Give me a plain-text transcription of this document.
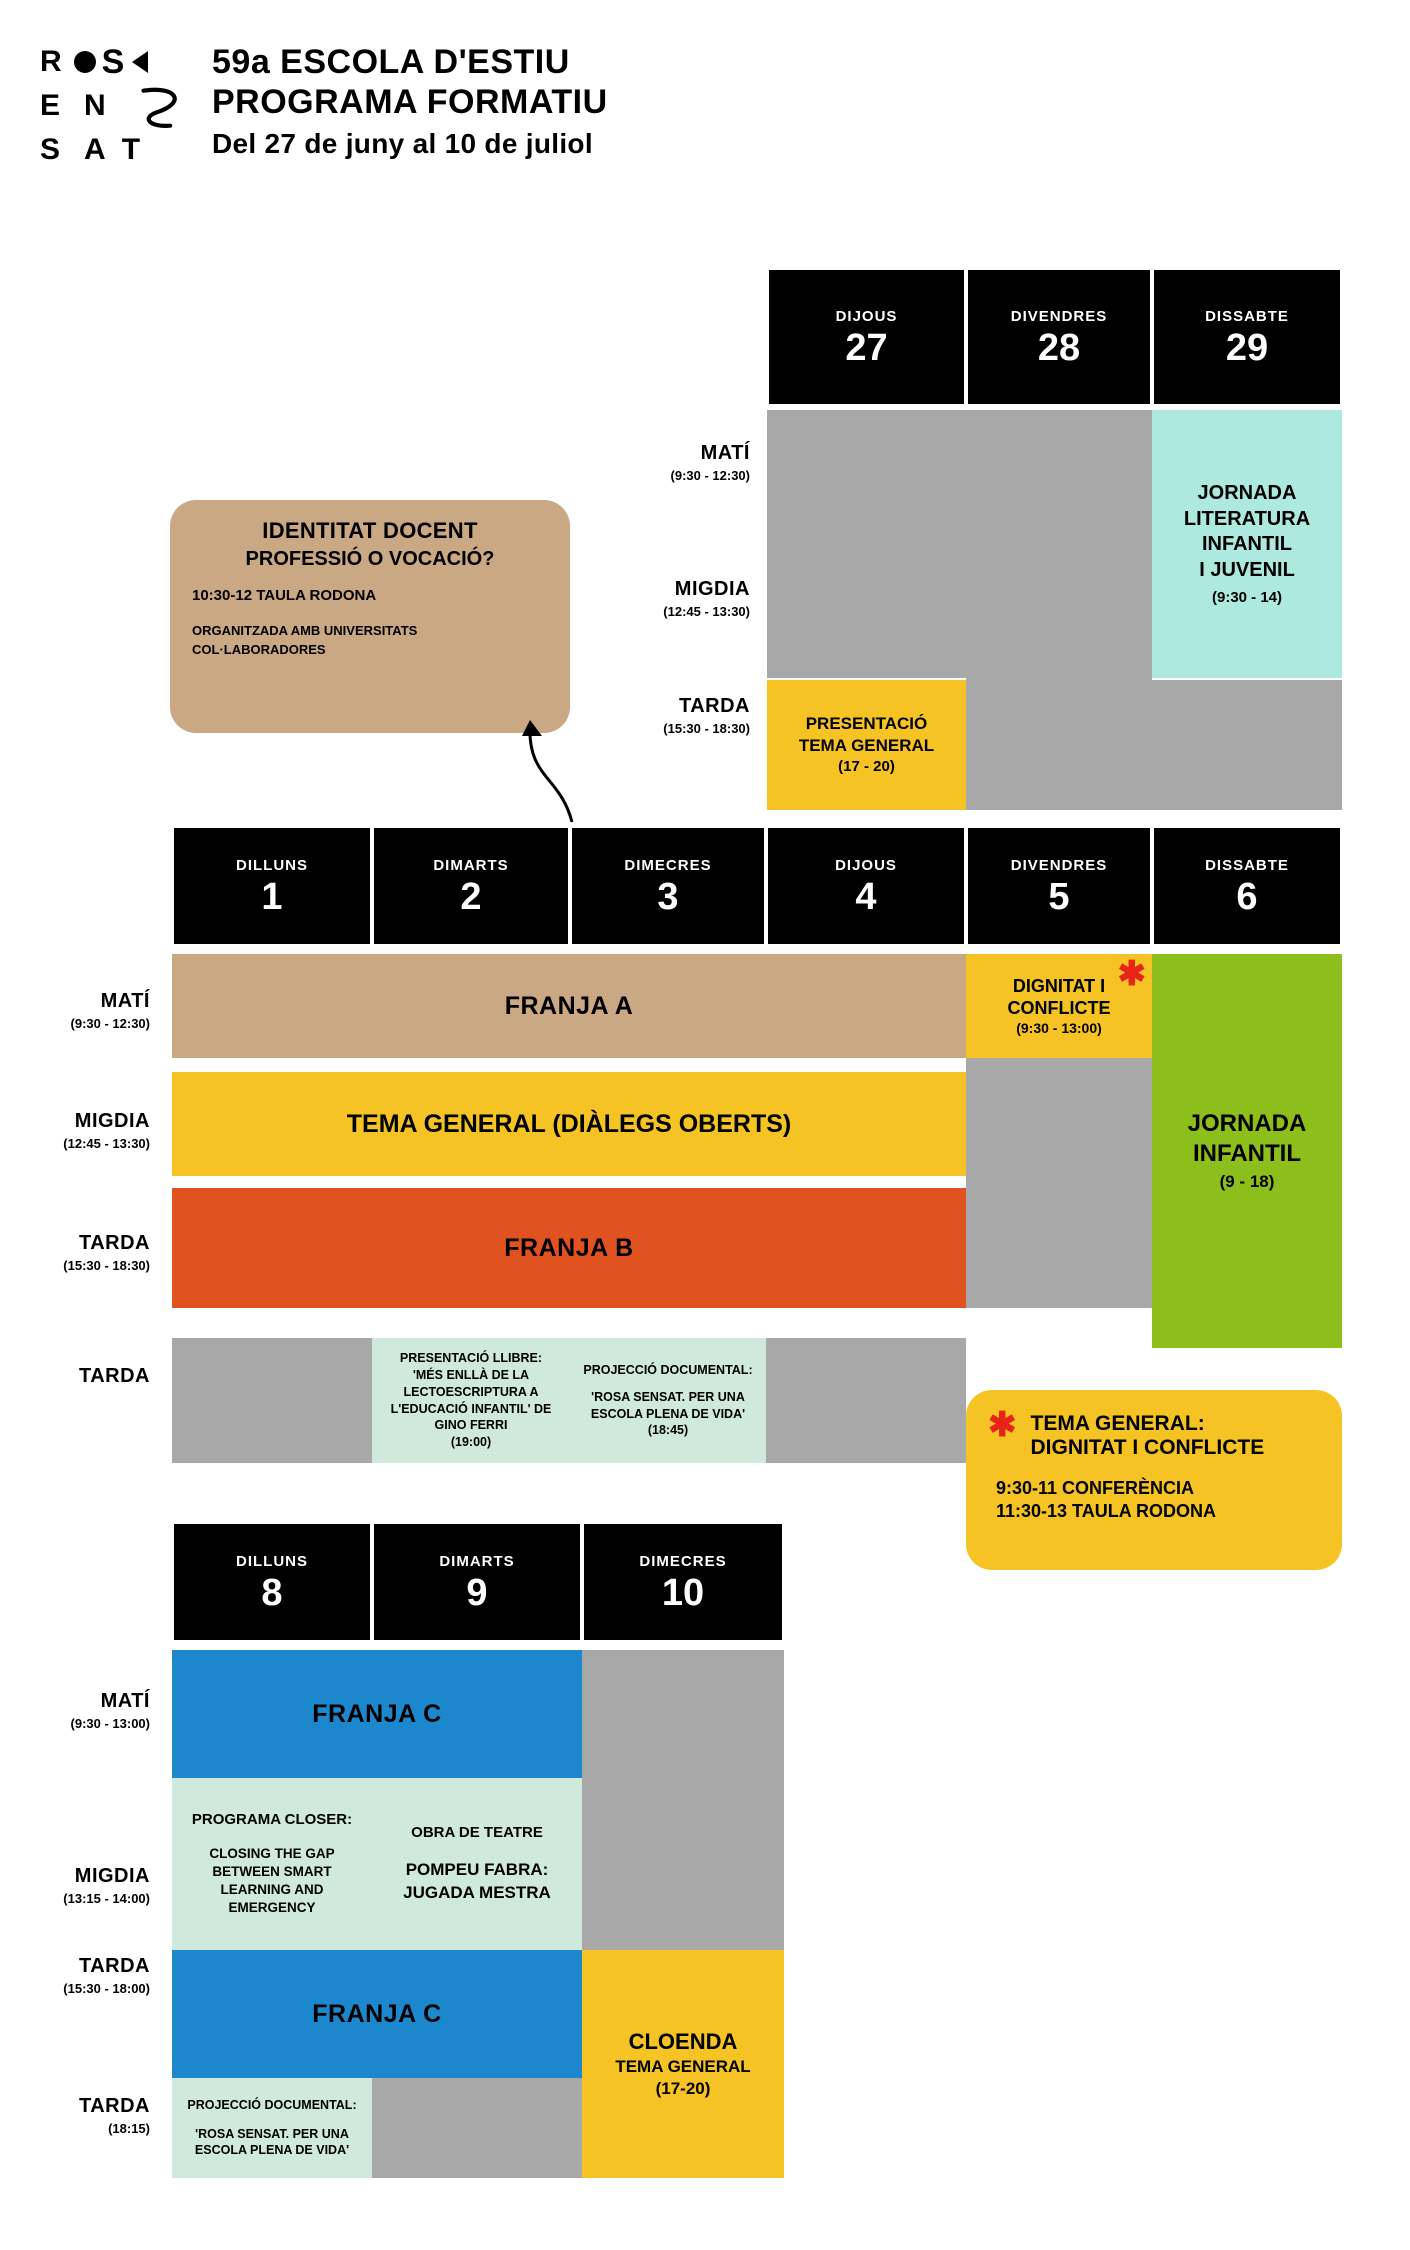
R S
E N
S A T
59a ESCOLA D'ESTIU
PROGRAMA FORMATIU
Del 27 de juny al 10 de juliol
DIJOUS
27
DIVENDRES
28
DISSABTE
29
MATÍ
(9:30 - 12:30)
MIGDIA
(12:45 - 13:30)
TARDA
(15:30 - 18:30)
JORNADA
LITERATURA
INFANTIL
I JUVENIL
(9:30 - 14)
PRESENTACIÓ
TEMA GENERAL
(17 - 20)
IDENTITAT DOCENT
PROFESSIÓ O VOCACIÓ?
10:30-12 TAULA RODONA
ORGANITZADA AMB UNIVERSITATS COL·LABORADORES
DILLUNS
1
DIMARTS
2
DIMECRES
3
DIJOUS
4
DIVENDRES
5
DISSABTE
6
MATÍ
(9:30 - 12:30)
MIGDIA
(12:45 - 13:30)
TARDA
(15:30 - 18:30)
TARDA
FRANJA A
TEMA GENERAL (DIÀLEGS OBERTS)
FRANJA B
✱
DIGNITAT I
CONFLICTE
(9:30 - 13:00)
JORNADA
INFANTIL
(9 - 18)
PRESENTACIÓ LLIBRE:
'MÉS ENLLÀ DE LA LECTOESCRIPTURA A L'EDUCACIÓ INFANTIL' DE GINO FERRI
(19:00)
PROJECCIÓ DOCUMENTAL:
'ROSA SENSAT. PER UNA ESCOLA PLENA DE VIDA'
(18:45)	✱ TEMA GENERAL:
DIGNITAT I CONFLICTE
9:30-11 CONFERÈNCIA
11:30-13 TAULA RODONA
DILLUNS
8
DIMARTS
9
DIMECRES
10
MATÍ
(9:30 - 13:00)
MIGDIA
(13:15 - 14:00)
TARDA
(15:30 - 18:00)
TARDA
(18:15)
FRANJA C
PROGRAMA CLOSER:
CLOSING THE GAP BETWEEN SMART LEARNING AND EMERGENCY
OBRA DE TEATRE
POMPEU FABRA:
JUGADA MESTRA
FRANJA C
CLOENDA
TEMA GENERAL
(17-20)
PROJECCIÓ DOCUMENTAL:
'ROSA SENSAT. PER UNA ESCOLA PLENA DE VIDA'
